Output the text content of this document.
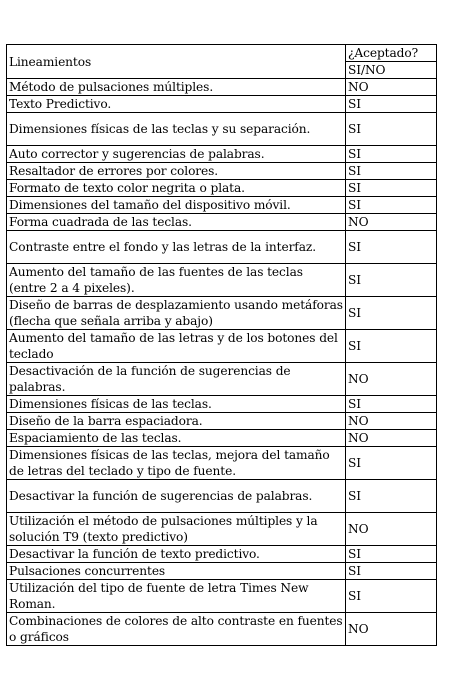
Lineamientos	¿Aceptado?
	SI/NO
Método de pulsaciones múltiples.	NO
Texto Predictivo.	SI
Dimensiones físicas de las teclas y su separación.	SI
Auto corrector y sugerencias de palabras.	SI
Resaltador de errores por colores.	SI
Formato de texto color negrita o plata.	SI
Dimensiones del tamaño del dispositivo móvil.	SI
Forma cuadrada de las teclas.	NO
Contraste entre el fondo y las letras de la interfaz.	SI
Aumento del tamaño de las fuentes de las teclas (entre 2 a 4 pixeles).	SI
Diseño de barras de desplazamiento usando metáforas (flecha que señala arriba y abajo)	SI
Aumento del tamaño de las letras y de los botones del teclado	SI
Desactivación de la función de sugerencias de palabras.	NO
Dimensiones físicas de las teclas.	SI
Diseño de la barra espaciadora.	NO
Espaciamiento de las teclas.	NO
Dimensiones físicas de las teclas, mejora del tamaño de letras del teclado y tipo de fuente.	SI
Desactivar la función de sugerencias de palabras.	SI
Utilización el método de pulsaciones múltiples y la solución T9 (texto predictivo)	NO
Desactivar la función de texto predictivo.	SI
Pulsaciones concurrentes	SI
Utilización del tipo de fuente de letra Times New Roman.	SI
Combinaciones de colores de alto contraste en fuentes o gráficos	NO
